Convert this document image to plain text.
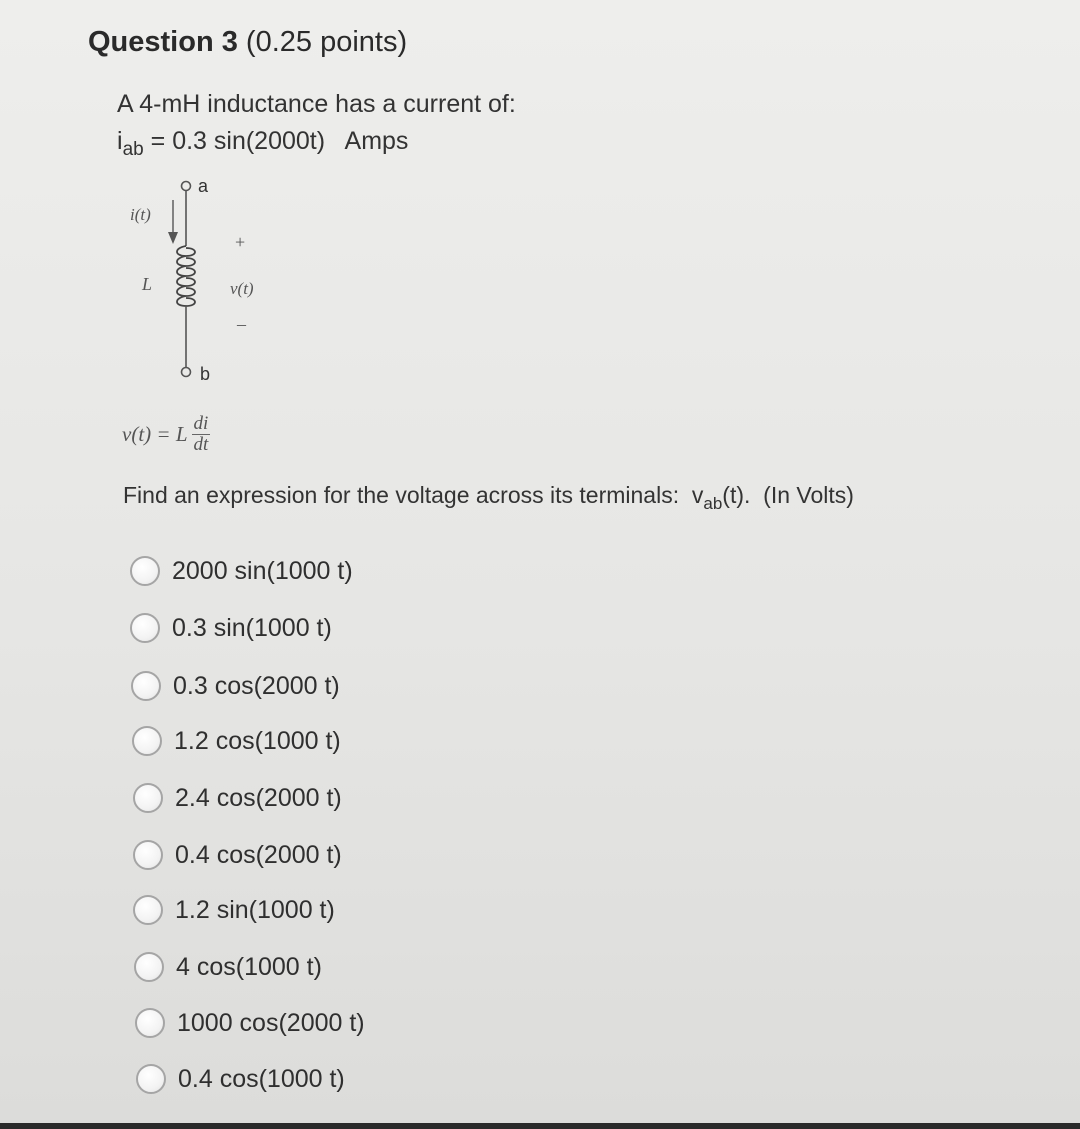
Question 3 (0.25 points)
A 4-mH inductance has a current of:
$i_{ab} = 0.3$ sin(2000t)   Amps
a
i(t)
L
b
+
v(t)
–
v(t) = L $\frac{di}{dt}$
Find an expression for the voltage across its terminals:  $v_{ab}(t)$.  (In Volts)
2000 sin(1000 t)
0.3 sin(1000 t)
0.3 cos(2000 t)
1.2 cos(1000 t)
2.4 cos(2000 t)
0.4 cos(2000 t)
1.2 sin(1000 t)
4 cos(1000 t)
1000 cos(2000 t)
0.4 cos(1000 t)
